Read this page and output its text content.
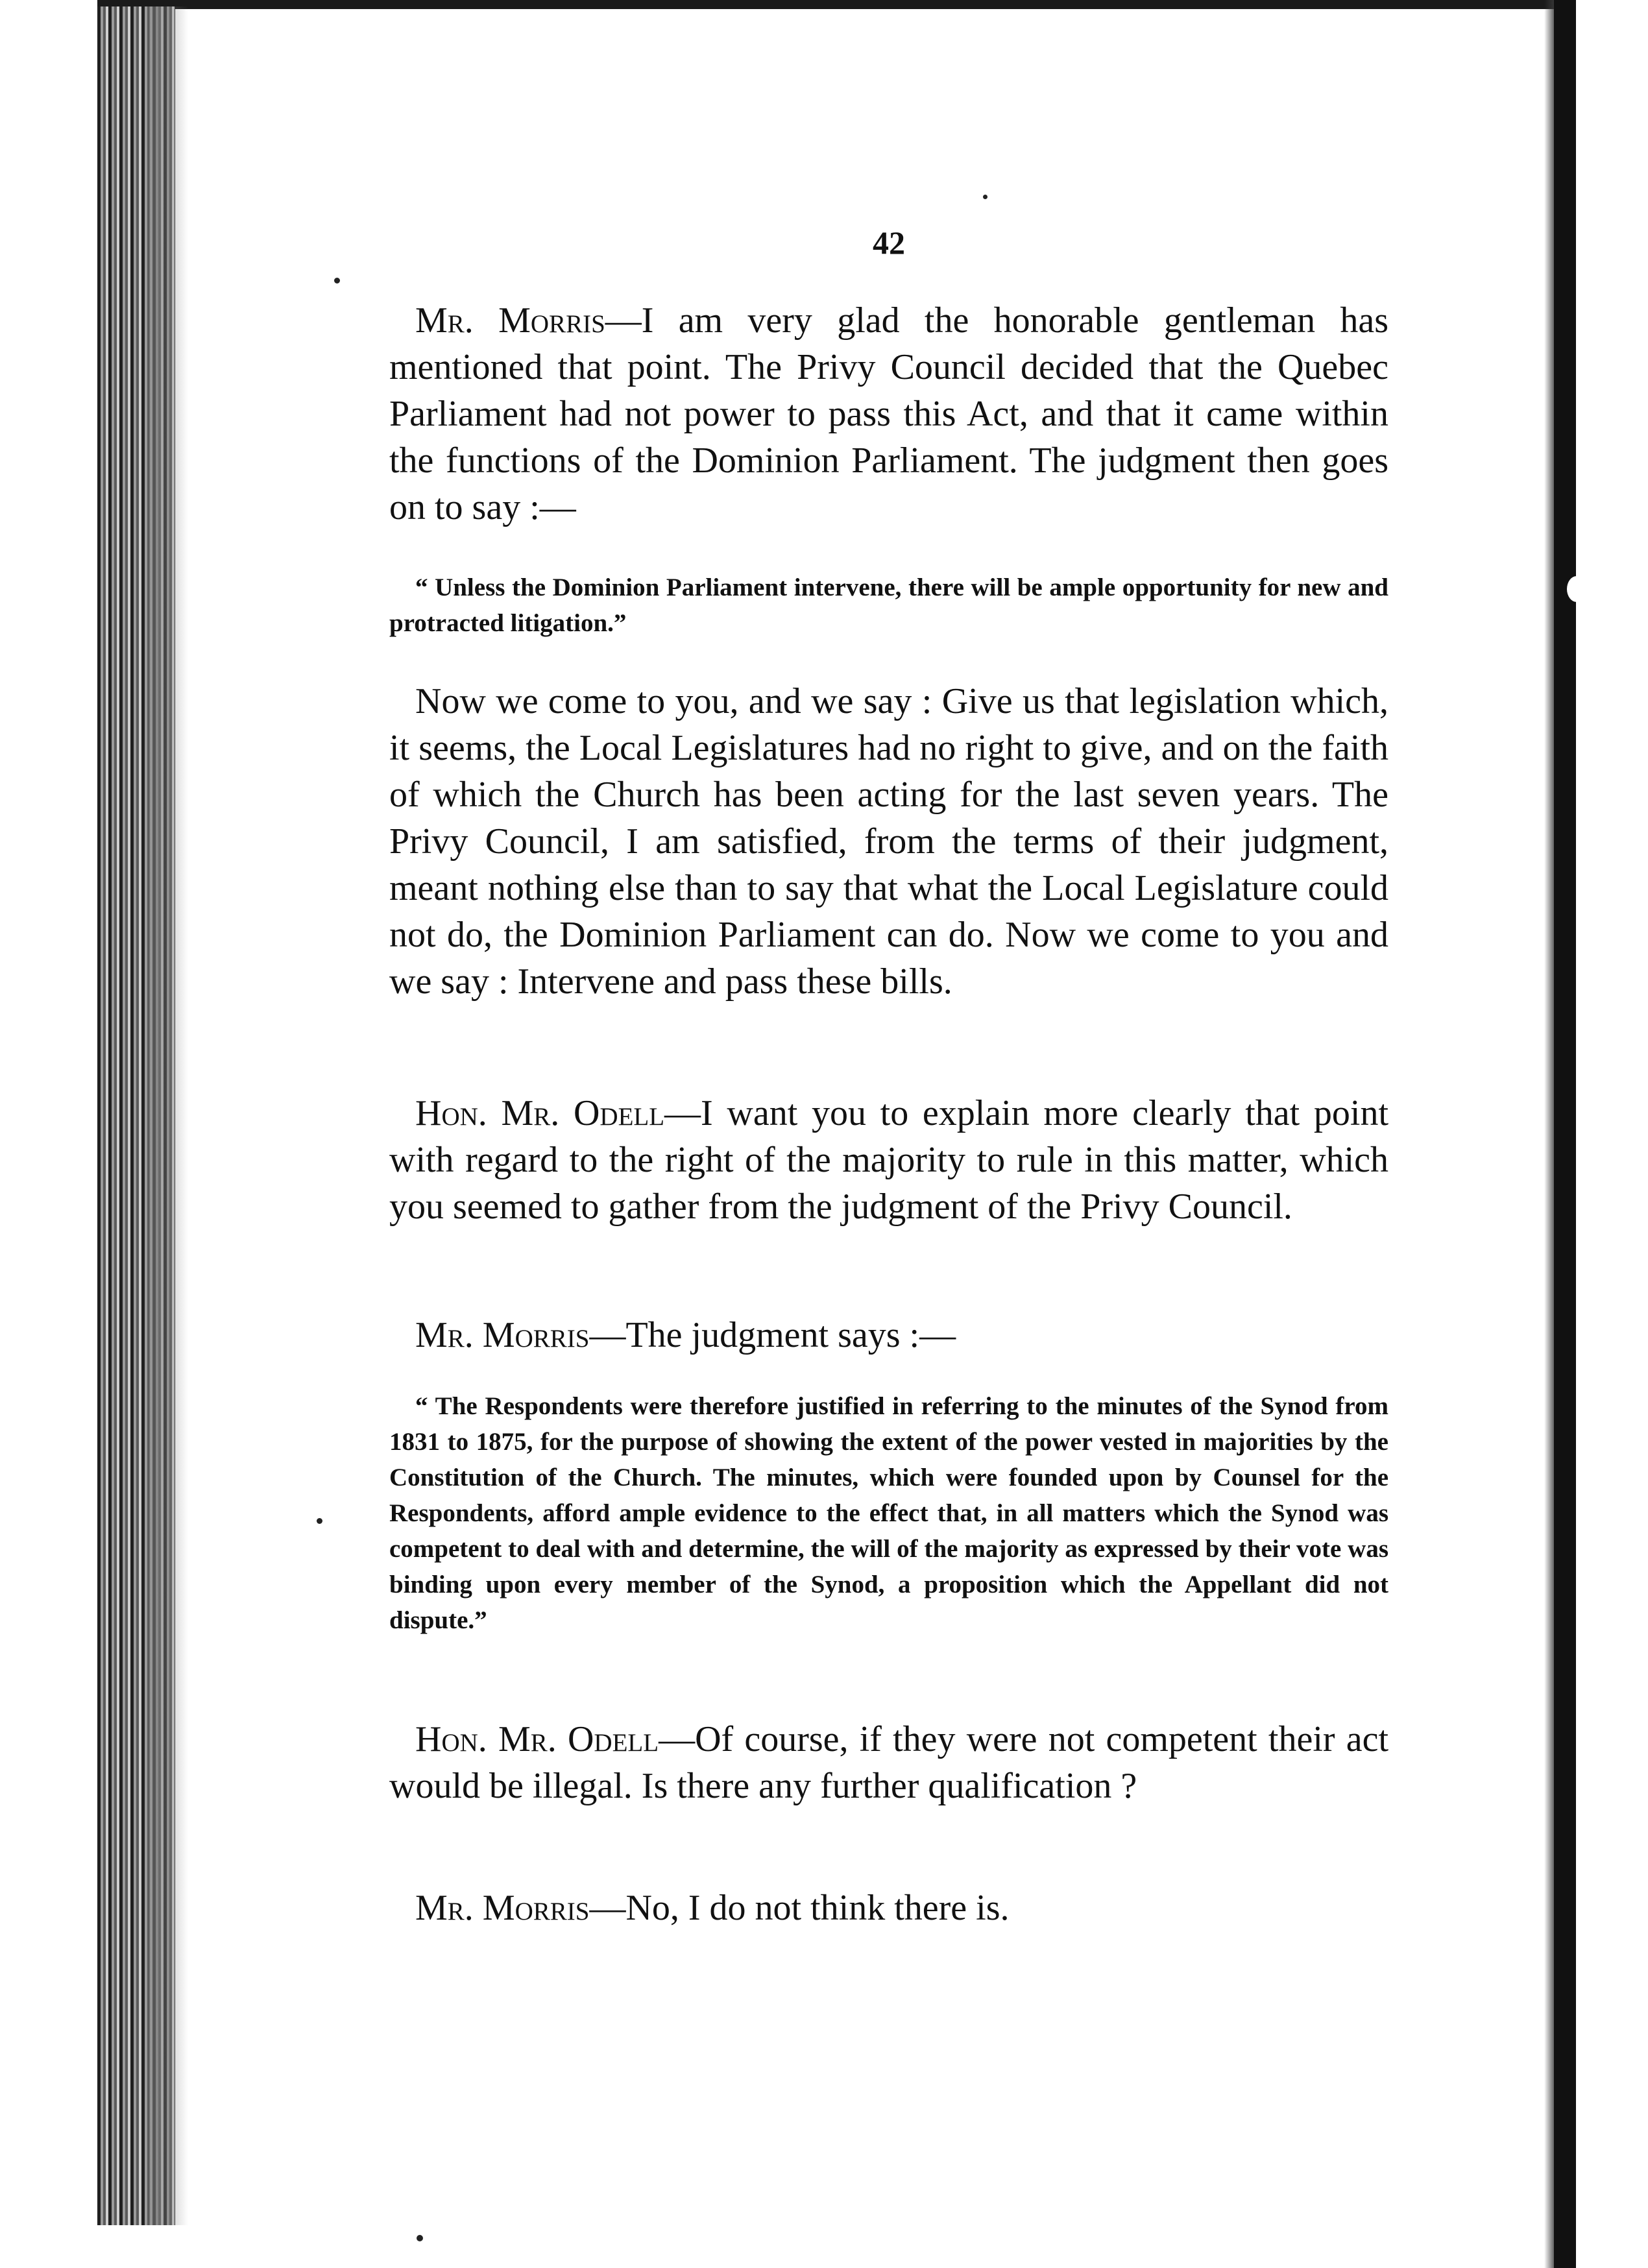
42

Mr. Morris—I am very glad the honorable gentleman has mentioned that point. The Privy Council decided that the Quebec Parliament had not power to pass this Act, and that it came within the functions of the Dominion Parliament. The judgment then goes on to say :—

“ Unless the Dominion Parliament intervene, there will be ample opportunity for new and protracted litigation.”

Now we come to you, and we say : Give us that legislation which, it seems, the Local Legislatures had no right to give, and on the faith of which the Church has been acting for the last seven years. The Privy Council, I am satisfied, from the terms of their judgment, meant nothing else than to say that what the Local Legislature could not do, the Dominion Parliament can do. Now we come to you and we say : Intervene and pass these bills.

Hon. Mr. Odell—I want you to explain more clearly that point with regard to the right of the majority to rule in this matter, which you seemed to gather from the judgment of the Privy Council.

Mr. Morris—The judgment says :—

“ The Respondents were therefore justified in referring to the minutes of the Synod from 1831 to 1875, for the purpose of showing the extent of the power vested in majorities by the Constitution of the Church. The minutes, which were founded upon by Counsel for the Respondents, afford ample evidence to the effect that, in all matters which the Synod was competent to deal with and determine, the will of the majority as expressed by their vote was binding upon every member of the Synod, a proposition which the Appellant did not dispute.”

Hon. Mr. Odell—Of course, if they were not competent their act would be illegal. Is there any further qualification ?

Mr. Morris—No, I do not think there is.
